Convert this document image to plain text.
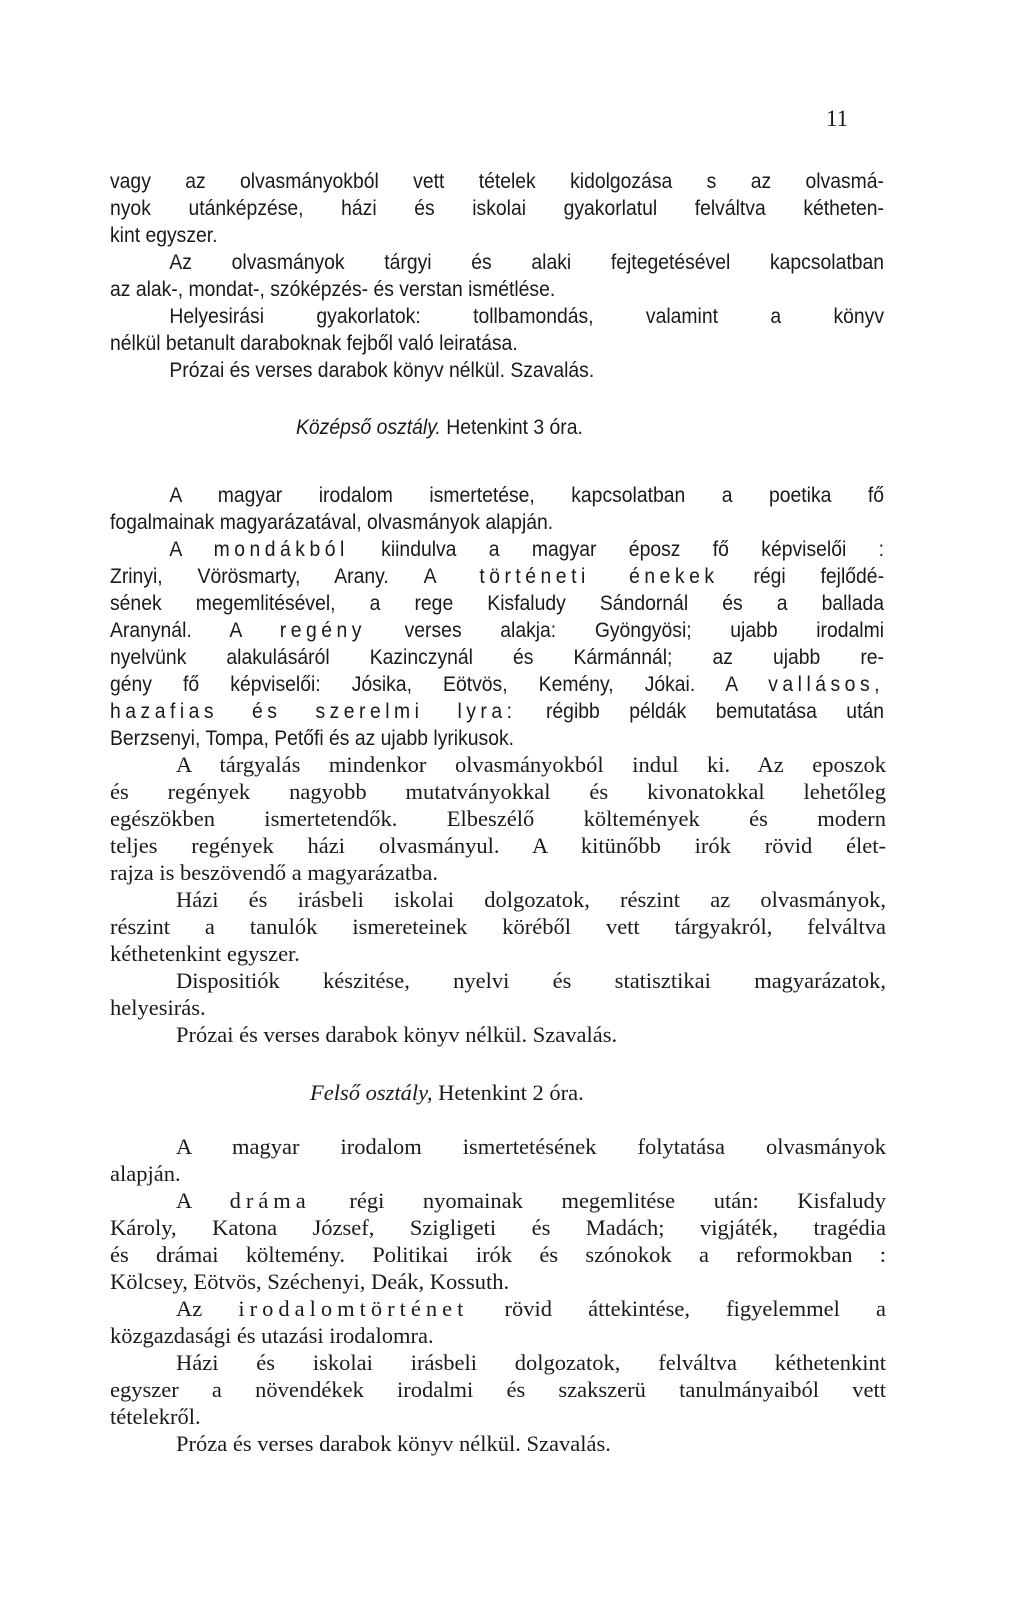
11
vagy az olvasmányokból vett tételek kidolgozása s az olvasmá-
nyok utánképzése, házi és iskolai gyakorlatul felváltva kétheten-
kint egyszer.
Az olvasmányok tárgyi és alaki fejtegetésével kapcsolatban
az alak-, mondat-, szóképzés- és verstan ismétlése.
Helyesirási gyakorlatok: tollbamondás, valamint a könyv
nélkül betanult daraboknak fejből való leiratása.
Prózai és verses darabok könyv nélkül. Szavalás.
Középső osztály. Hetenkint 3 óra.
A magyar irodalom ismertetése, kapcsolatban a poetika fő
fogalmainak magyarázatával, olvasmányok alapján.
A mondákból kiindulva a magyar éposz fő képviselői :
Zrinyi, Vörösmarty, Arany. A történeti énekek régi fejlődé-
sének megemlitésével, a rege Kisfaludy Sándornál és a ballada
Aranynál. A regény verses alakja: Gyöngyösi; ujabb irodalmi
nyelvünk alakulásáról Kazinczynál és Kármánnál; az ujabb re-
gény fő képviselői: Jósika, Eötvös, Kemény, Jókai. A vallásos,
hazafias és szerelmi lyra: régibb példák bemutatása után
Berzsenyi, Tompa, Petőfi és az ujabb lyrikusok.
A tárgyalás mindenkor olvasmányokból indul ki. Az eposzok
és regények nagyobb mutatványokkal és kivonatokkal lehetőleg
egészökben ismertetendők. Elbeszélő költemények és modern
teljes regények házi olvasmányul. A kitünőbb irók rövid élet-
rajza is beszövendő a magyarázatba.
Házi és irásbeli iskolai dolgozatok, részint az olvasmányok,
részint a tanulók ismereteinek köréből vett tárgyakról, felváltva
kéthetenkint egyszer.
Dispositiók készitése, nyelvi és statisztikai magyarázatok,
helyesirás.
Prózai és verses darabok könyv nélkül. Szavalás.
Felső osztály, Hetenkint 2 óra.
A magyar irodalom ismertetésének folytatása olvasmányok
alapján.
A dráma régi nyomainak megemlitése után: Kisfaludy
Károly, Katona József, Szigligeti és Madách; vigjáték, tragédia
és drámai költemény. Politikai irók és szónokok a reformokban :
Kölcsey, Eötvös, Széchenyi, Deák, Kossuth.
Az irodalomtörténet rövid áttekintése, figyelemmel a
közgazdasági és utazási irodalomra.
Házi és iskolai irásbeli dolgozatok, felváltva kéthetenkint
egyszer a növendékek irodalmi és szakszerü tanulmányaiból vett
tételekről.
Próza és verses darabok könyv nélkül. Szavalás.
